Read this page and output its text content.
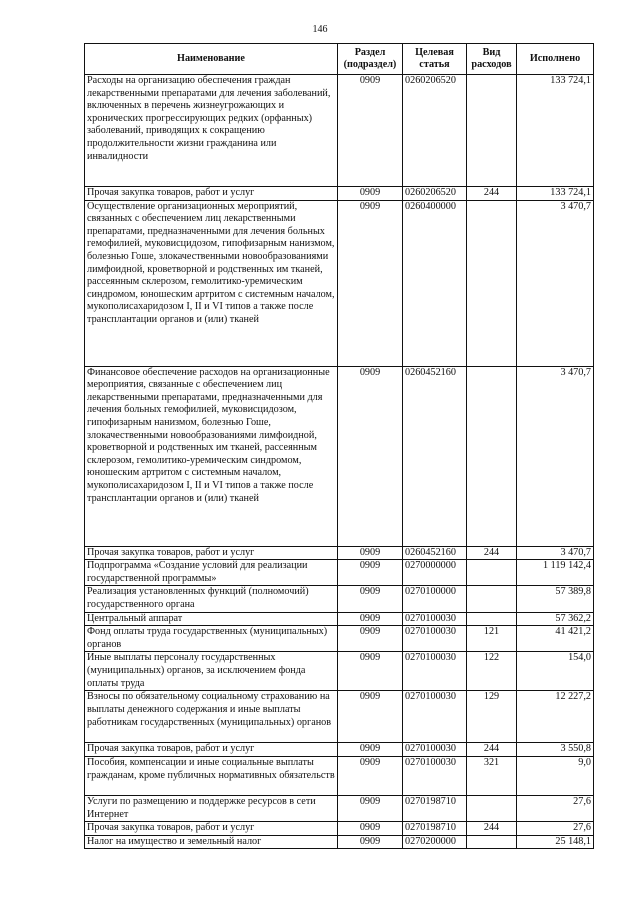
146
Наименование	Раздел (подраздел)	Целевая статья	Вид расходов	Исполнено
Расходы на организацию обеспечения граждан лекарственными препаратами для лечения заболеваний, включенных в перечень жизнеугрожающих и хронических прогрессирующих редких (орфанных) заболеваний, приводящих к сокращению продолжительности жизни гражданина или инвалидности	0909	0260206520		133 724,1
Прочая закупка товаров, работ и услуг	0909	0260206520	244	133 724,1
Осуществление организационных мероприятий, связанных с обеспечением лиц лекарственными препаратами, предназначенными для лечения больных гемофилией, муковисцидозом, гипофизарным нанизмом, болезнью Гоше, злокачественными новообразованиями лимфоидной, кроветворной и родственных им тканей, рассеянным склерозом, гемолитико-уремическим синдромом, юношеским артритом с системным началом, мукополисахаридозом I, II и VI типов а также после трансплантации органов и (или) тканей	0909	0260400000		3 470,7
Финансовое обеспечение расходов на организационные мероприятия, связанные с обеспечением лиц лекарственными препаратами, предназначенными для лечения больных гемофилией, муковисцидозом, гипофизарным нанизмом, болезнью Гоше, злокачественными новообразованиями лимфоидной, кроветворной и родственных им тканей, рассеянным склерозом, гемолитико-уремическим синдромом, юношеским артритом с системным началом, мукополисахаридозом I, II и VI типов а также после трансплантации органов и (или) тканей	0909	0260452160		3 470,7
Прочая закупка товаров, работ и услуг	0909	0260452160	244	3 470,7
Подпрограмма «Создание условий для реализации государственной программы»	0909	0270000000		1 119 142,4
Реализация установленных функций (полномочий) государственного органа	0909	0270100000		57 389,8
Центральный аппарат	0909	0270100030		57 362,2
Фонд оплаты труда государственных (муниципальных) органов	0909	0270100030	121	41 421,2
Иные выплаты персоналу государственных (муниципальных) органов, за исключением фонда оплаты труда	0909	0270100030	122	154,0
Взносы по обязательному социальному страхованию на выплаты денежного содержания и иные выплаты работникам государственных (муниципальных) органов	0909	0270100030	129	12 227,2
Прочая закупка товаров, работ и услуг	0909	0270100030	244	3 550,8
Пособия, компенсации и иные социальные выплаты гражданам, кроме публичных нормативных обязательств	0909	0270100030	321	9,0
Услуги по размещению и поддержке ресурсов в сети Интернет	0909	0270198710		27,6
Прочая закупка товаров, работ и услуг	0909	0270198710	244	27,6
Налог на имущество и земельный налог	0909	0270200000		25 148,1
